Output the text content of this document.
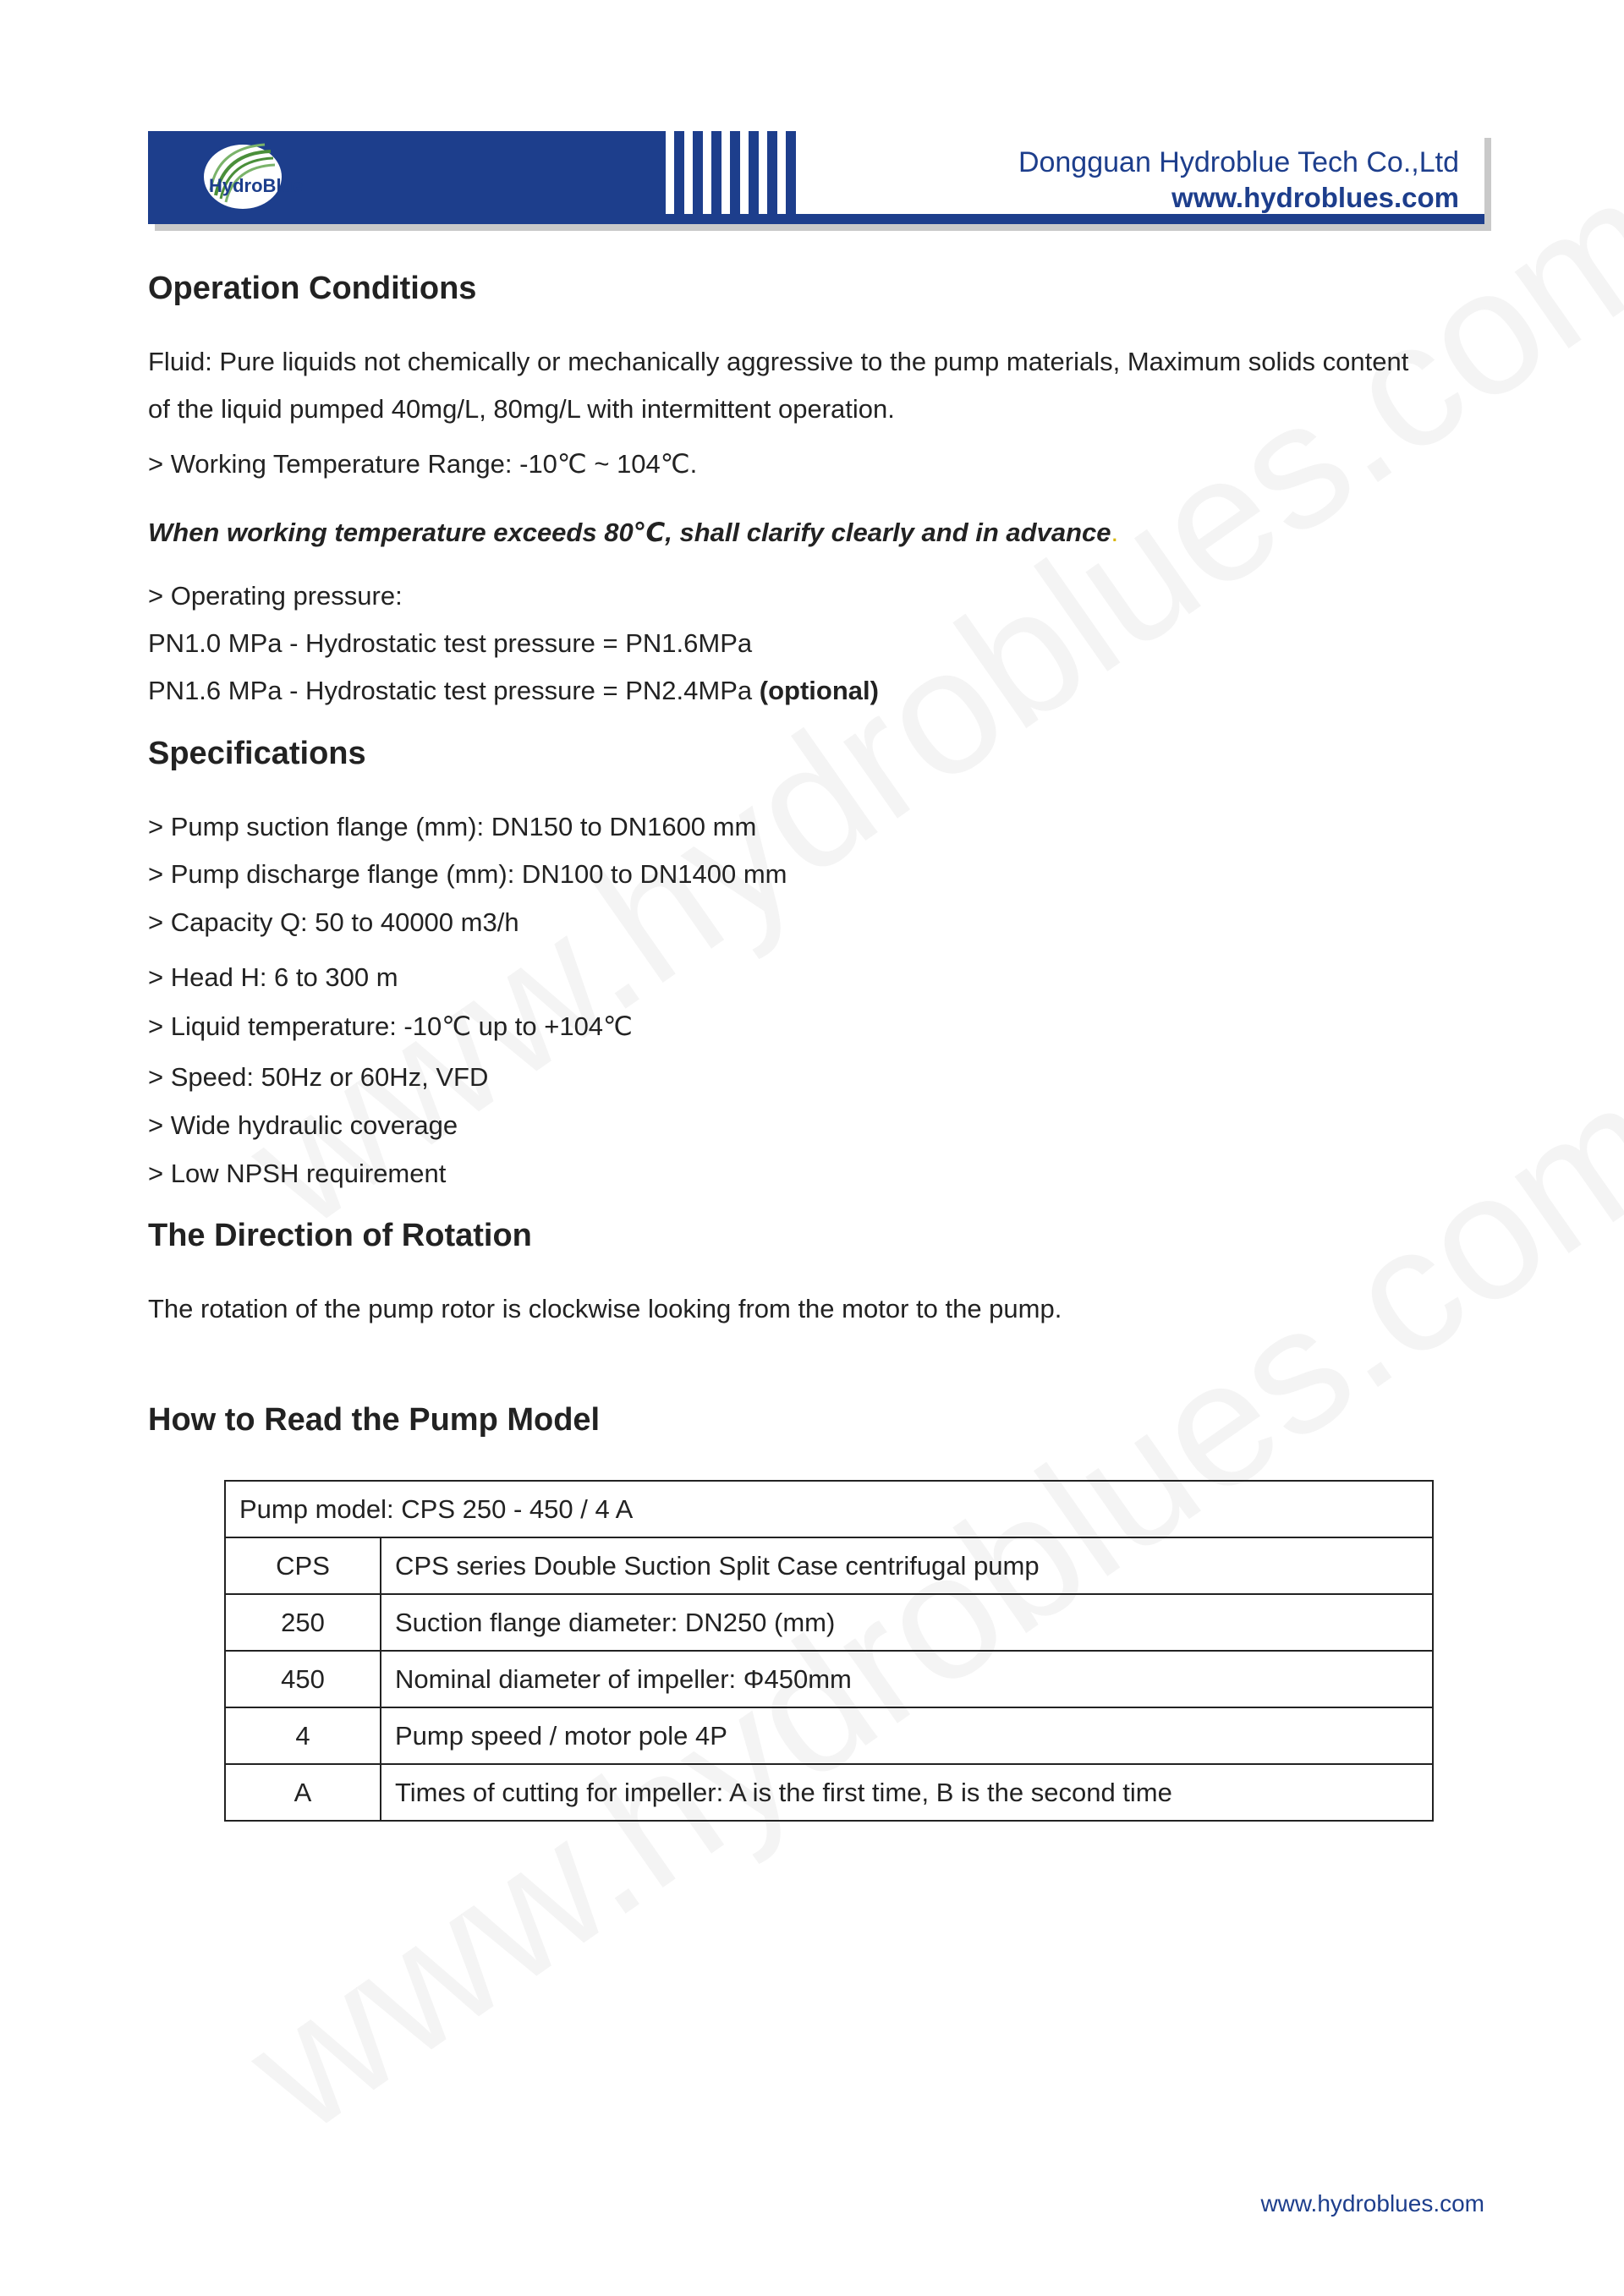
HydroBlue
Dongguan Hydroblue Tech Co.,Ltd
www.hydroblues.com
Operation Conditions

Fluid: Pure liquids not chemically or mechanically aggressive to the pump materials, Maximum solids content

of the liquid pumped 40mg/L, 80mg/L with intermittent operation.

> Working Temperature Range: -10℃ ~ 104℃.

When working temperature exceeds 80℃, shall clarify clearly and in advance.

> Operating pressure:

PN1.0 MPa - Hydrostatic test pressure = PN1.6MPa

PN1.6 MPa - Hydrostatic test pressure = PN2.4MPa (optional)

Specifications

> Pump suction flange (mm): DN150 to DN1600 mm

> Pump discharge flange (mm): DN100 to DN1400 mm

> Capacity Q: 50 to 40000 m3/h

> Head H: 6 to 300 m

> Liquid temperature: -10℃ up to +104℃

> Speed: 50Hz or 60Hz, VFD

> Wide hydraulic coverage

> Low NPSH requirement

The Direction of Rotation

The rotation of the pump rotor is clockwise looking from the motor to the pump.

How to Read the Pump Model
Pump model: CPS 250 - 450 / 4 A	
CPS	CPS series Double Suction Split Case centrifugal pump
250	Suction flange diameter: DN250 (mm)
450	Nominal diameter of impeller: Φ450mm
4	Pump speed / motor pole 4P
A	Times of cutting for impeller: A is the first time, B is the second time
www.hydroblues.com
